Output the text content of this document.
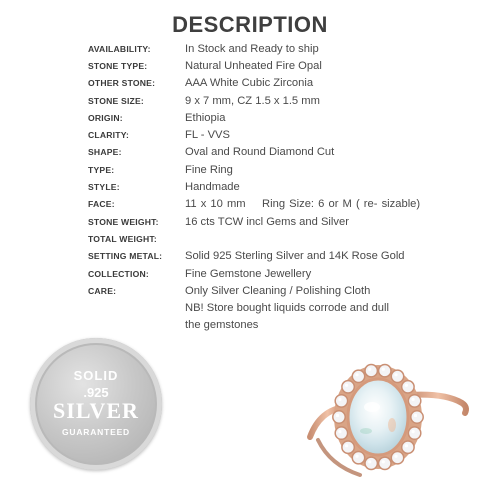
DESCRIPTION
AVAILABILITY:	In Stock and Ready to ship
STONE TYPE:	Natural Unheated Fire Opal
OTHER STONE:	AAA White Cubic Zirconia
STONE SIZE:	9 x 7 mm, CZ 1.5 x 1.5 mm
ORIGIN:	Ethiopia
CLARITY:	FL - VVS
SHAPE:	Oval and Round Diamond Cut
TYPE:	Fine Ring
STYLE:	Handmade
FACE:	11 x 10 mm    Ring Size: 6 or M ( re- sizable)
STONE WEIGHT:	16 cts TCW incl Gems and Silver
TOTAL WEIGHT:
SETTING METAL:	Solid 925 Sterling Silver and 14K Rose Gold
COLLECTION:	Fine Gemstone Jewellery
CARE:	Only Silver Cleaning / Polishing Cloth
NB! Store bought liquids corrode and dull
the gemstones
SOLID
.925
SILVER
GUARANTEED
